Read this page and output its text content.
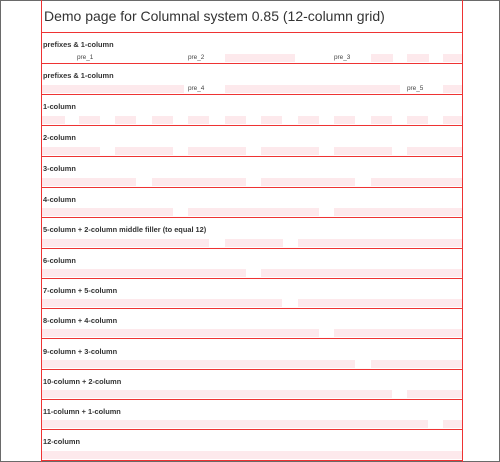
Demo page for Columnal system 0.85 (12-column grid)
prefixes & 1-column
pre_1	pre_2	pre_3
prefixes & 1-column
pre_4	pre_5
1-column
2-column
3-column
4-column
5-column + 2-column middle filler (to equal 12)
6-column
7-column + 5-column
8-column + 4-column
9-column + 3-column
10-column + 2-column
11-column + 1-column
12-column
